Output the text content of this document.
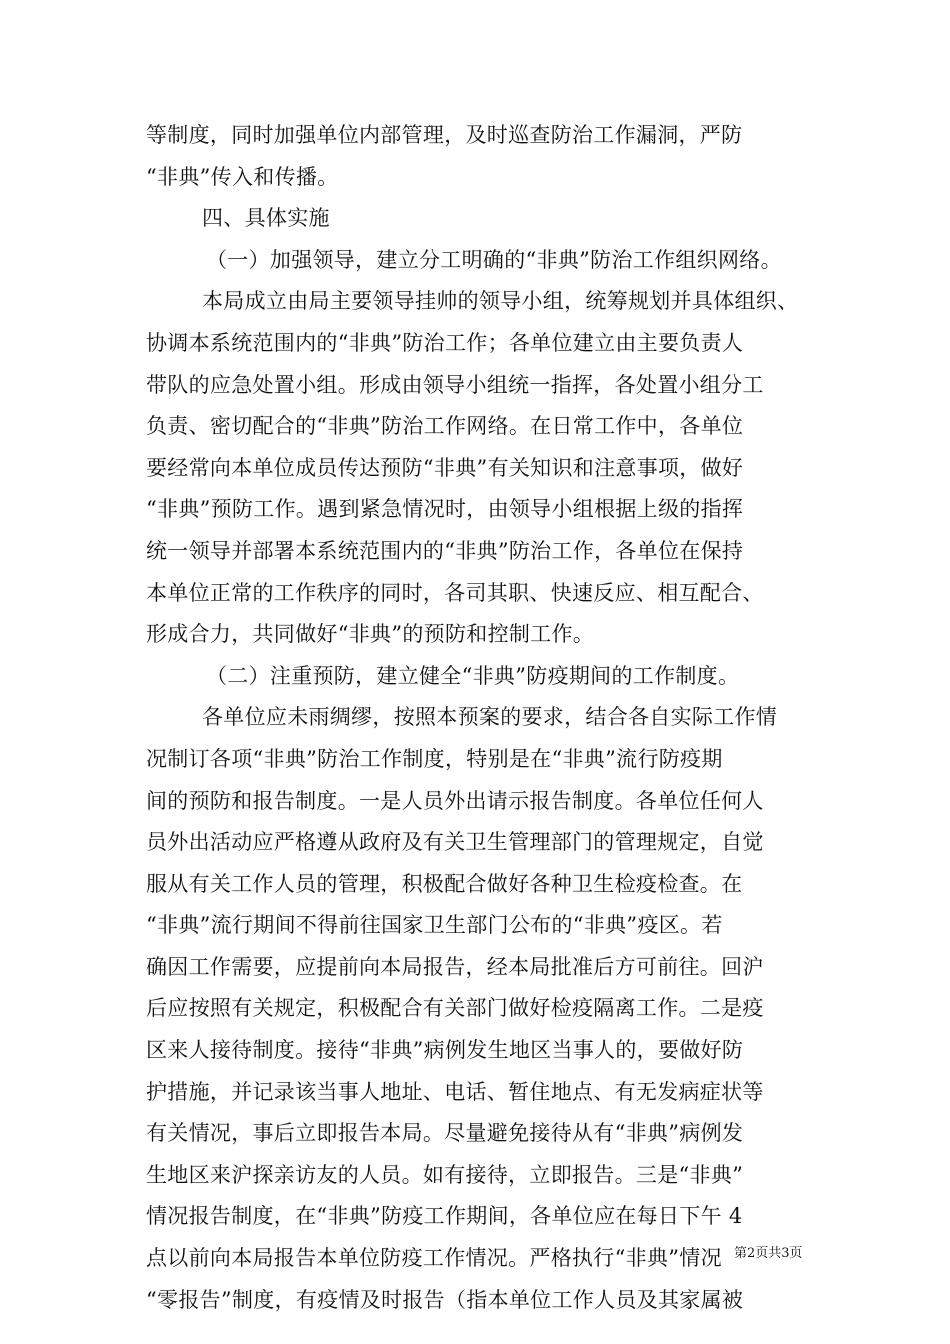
等制度，同时加强单位内部管理，及时巡查防治工作漏洞，严防
“非典”传入和传播。
四、具体实施
（一）加强领导，建立分工明确的“非典”防治工作组织网络。
本局成立由局主要领导挂帅的领导小组，统筹规划并具体组织、
协调本系统范围内的“非典”防治工作；各单位建立由主要负责人
带队的应急处置小组。形成由领导小组统一指挥，各处置小组分工
负责、密切配合的“非典”防治工作网络。在日常工作中，各单位
要经常向本单位成员传达预防“非典”有关知识和注意事项，做好
“非典”预防工作。遇到紧急情况时，由领导小组根据上级的指挥
统一领导并部署本系统范围内的“非典”防治工作，各单位在保持
本单位正常的工作秩序的同时，各司其职、快速反应、相互配合、
形成合力，共同做好“非典”的预防和控制工作。
（二）注重预防，建立健全“非典”防疫期间的工作制度。
各单位应未雨绸缪，按照本预案的要求，结合各自实际工作情
况制订各项“非典”防治工作制度，特别是在“非典”流行防疫期
间的预防和报告制度。一是人员外出请示报告制度。各单位任何人
员外出活动应严格遵从政府及有关卫生管理部门的管理规定，自觉
服从有关工作人员的管理，积极配合做好各种卫生检疫检查。在
“非典”流行期间不得前往国家卫生部门公布的“非典”疫区。若
确因工作需要，应提前向本局报告，经本局批准后方可前往。回沪
后应按照有关规定，积极配合有关部门做好检疫隔离工作。二是疫
区来人接待制度。接待“非典”病例发生地区当事人的，要做好防
护措施，并记录该当事人地址、电话、暂住地点、有无发病症状等
有关情况，事后立即报告本局。尽量避免接待从有“非典”病例发
生地区来沪探亲访友的人员。如有接待，立即报告。三是“非典”
情况报告制度，在“非典”防疫工作期间，各单位应在每日下午 4
点以前向本局报告本单位防疫工作情况。严格执行“非典”情况
“零报告”制度，有疫情及时报告（指本单位工作人员及其家属被
第2页共3页
